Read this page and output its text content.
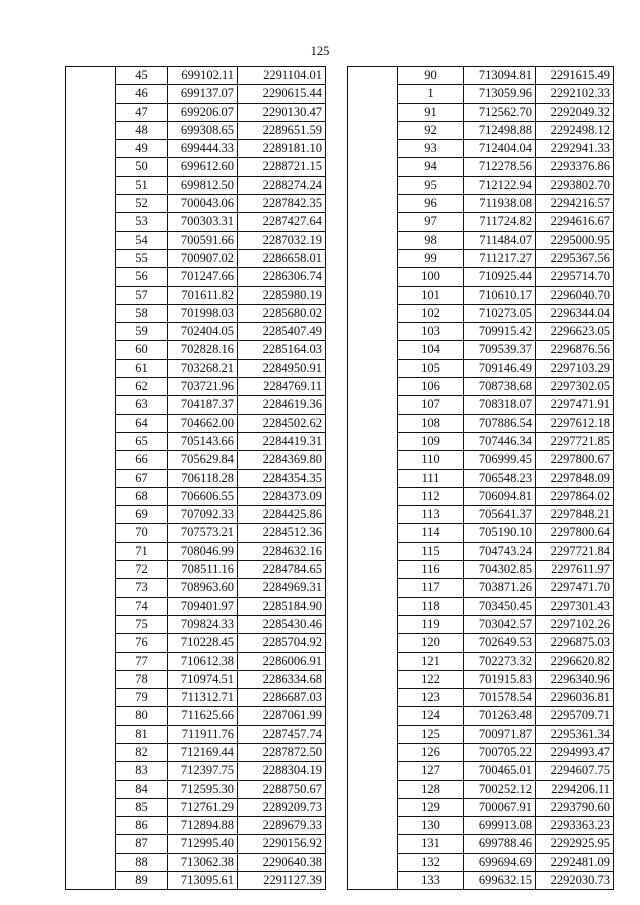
125
	45	699102.11	2291104.01
	46	699137.07	2290615.44
	47	699206.07	2290130.47
	48	699308.65	2289651.59
	49	699444.33	2289181.10
	50	699612.60	2288721.15
	51	699812.50	2288274.24
	52	700043.06	2287842.35
	53	700303.31	2287427.64
	54	700591.66	2287032.19
	55	700907.02	2286658.01
	56	701247.66	2286306.74
	57	701611.82	2285980.19
	58	701998.03	2285680.02
	59	702404.05	2285407.49
	60	702828.16	2285164.03
	61	703268.21	2284950.91
	62	703721.96	2284769.11
	63	704187.37	2284619.36
	64	704662.00	2284502.62
	65	705143.66	2284419.31
	66	705629.84	2284369.80
	67	706118.28	2284354.35
	68	706606.55	2284373.09
	69	707092.33	2284425.86
	70	707573.21	2284512.36
	71	708046.99	2284632.16
	72	708511.16	2284784.65
	73	708963.60	2284969.31
	74	709401.97	2285184.90
	75	709824.33	2285430.46
	76	710228.45	2285704.92
	77	710612.38	2286006.91
	78	710974.51	2286334.68
	79	711312.71	2286687.03
	80	711625.66	2287061.99
	81	711911.76	2287457.74
	82	712169.44	2287872.50
	83	712397.75	2288304.19
	84	712595.30	2288750.67
	85	712761.29	2289209.73
	86	712894.88	2289679.33
	87	712995.40	2290156.92
	88	713062.38	2290640.38
	89	713095.61	2291127.39
	90	713094.81	2291615.49
	1	713059.96	2292102.33
	91	712562.70	2292049.32
	92	712498.88	2292498.12
	93	712404.04	2292941.33
	94	712278.56	2293376.86
	95	712122.94	2293802.70
	96	711938.08	2294216.57
	97	711724.82	2294616.67
	98	711484.07	2295000.95
	99	711217.27	2295367.56
	100	710925.44	2295714.70
	101	710610.17	2296040.70
	102	710273.05	2296344.04
	103	709915.42	2296623.05
	104	709539.37	2296876.56
	105	709146.49	2297103.29
	106	708738.68	2297302.05
	107	708318.07	2297471.91
	108	707886.54	2297612.18
	109	707446.34	2297721.85
	110	706999.45	2297800.67
	111	706548.23	2297848.09
	112	706094.81	2297864.02
	113	705641.37	2297848.21
	114	705190.10	2297800.64
	115	704743.24	2297721.84
	116	704302.85	2297611.97
	117	703871.26	2297471.70
	118	703450.45	2297301.43
	119	703042.57	2297102.26
	120	702649.53	2296875.03
	121	702273.32	2296620.82
	122	701915.83	2296340.96
	123	701578.54	2296036.81
	124	701263.48	2295709.71
	125	700971.87	2295361.34
	126	700705.22	2294993.47
	127	700465.01	2294607.75
	128	700252.12	2294206.11
	129	700067.91	2293790.60
	130	699913.08	2293363.23
	131	699788.46	2292925.95
	132	699694.69	2292481.09
	133	699632.15	2292030.73
